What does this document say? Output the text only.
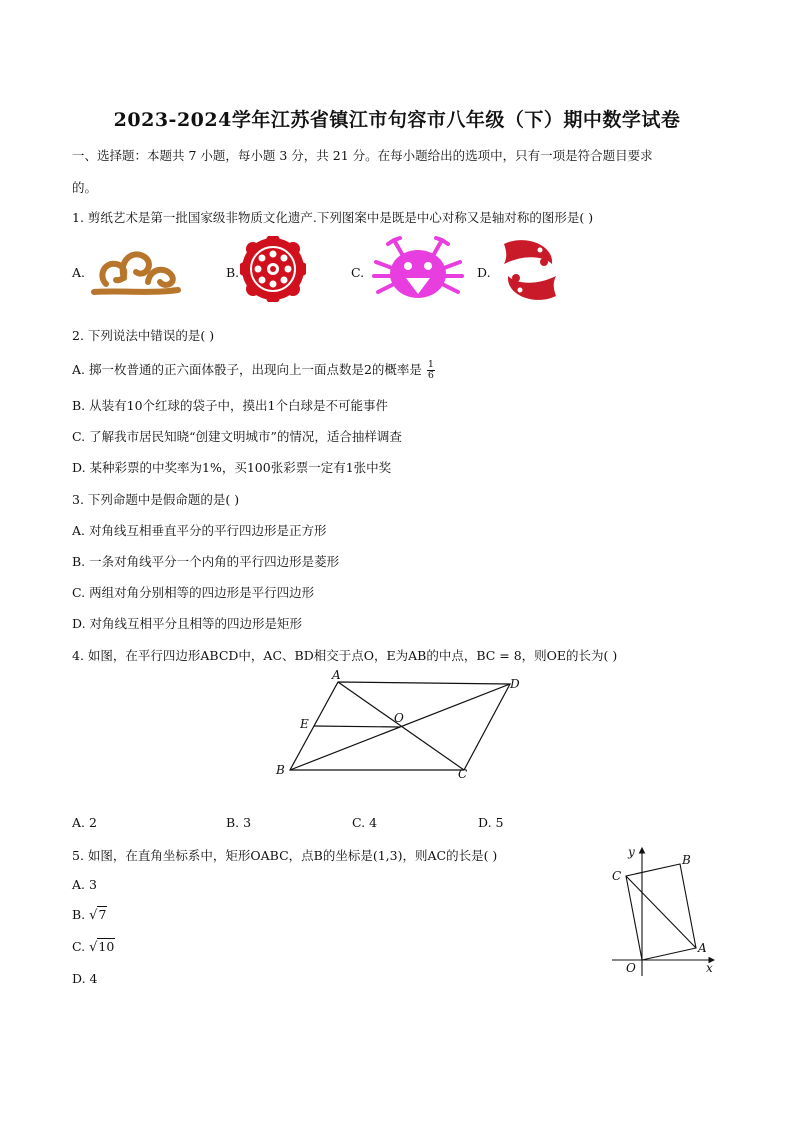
2023-2024学年江苏省镇江市句容市八年级（下）期中数学试卷
一、选择题：本题共 7 小题，每小题 3 分，共 21 分。在每小题给出的选项中，只有一项是符合题目要求
的。
1. 剪纸艺术是第一批国家级非物质文化遗产.下列图案中是既是中心对称又是轴对称的图形是( )
A.	B.	C.	D.
2. 下列说法中错误的是( )
A. 掷一枚普通的正六面体骰子，出现向上一面点数是2的概率是 $\frac{1}{6}$
B. 从装有10个红球的袋子中，摸出1个白球是不可能事件
C. 了解我市居民知晓“创建文明城市”的情况，适合抽样调查
D. 某种彩票的中奖率为1%，买100张彩票一定有1张中奖
3. 下列命题中是假命题的是( )
A. 对角线互相垂直平分的平行四边形是正方形
B. 一条对角线平分一个内角的平行四边形是菱形
C. 两组对角分别相等的四边形是平行四边形
D. 对角线互相平分且相等的四边形是矩形
4. 如图，在平行四边形ABCD中，AC、BD相交于点O，E为AB的中点，BC = 8，则OE的长为( )
A
D
E	O
B	C
A. 2	B. 3	C. 4	D. 5
5. 如图，在直角坐标系中，矩形OABC，点B的坐标是(1,3)，则AC的长是( )	y
B
C
A
O	x
A. 3
B. √7
C. √10
D. 4
